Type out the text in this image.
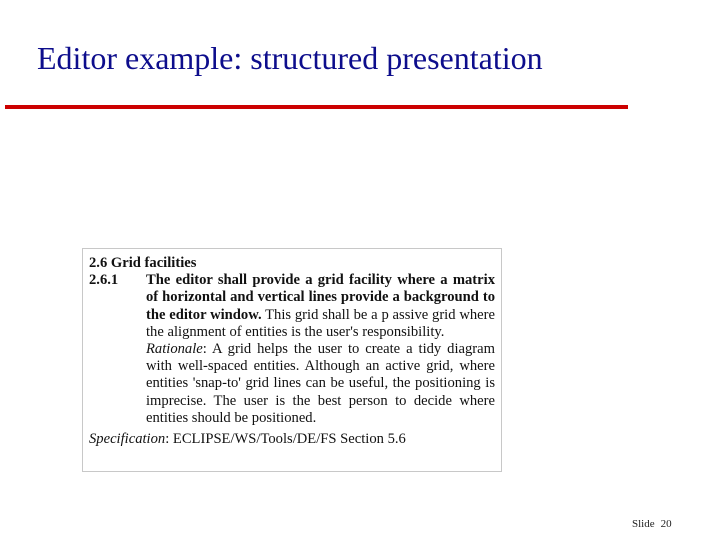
Editor example: structured presentation
2.6 Grid facilities
2.6.1	The editor shall provide a grid facility where a matrix of horizontal and vertical lines provide a background to the editor window. This grid shall be a p assive grid where the alignment of entities is the user's responsibility.

Rationale: A grid helps the user to create a tidy diagram with well-spaced entities. Although an active grid, where entities 'snap-to' grid lines can be useful, the positioning is imprecise. The user is the best person to decide where entities should be positioned.

Specification: ECLIPSE/WS/Tools/DE/FS Section 5.6
Slide 20
